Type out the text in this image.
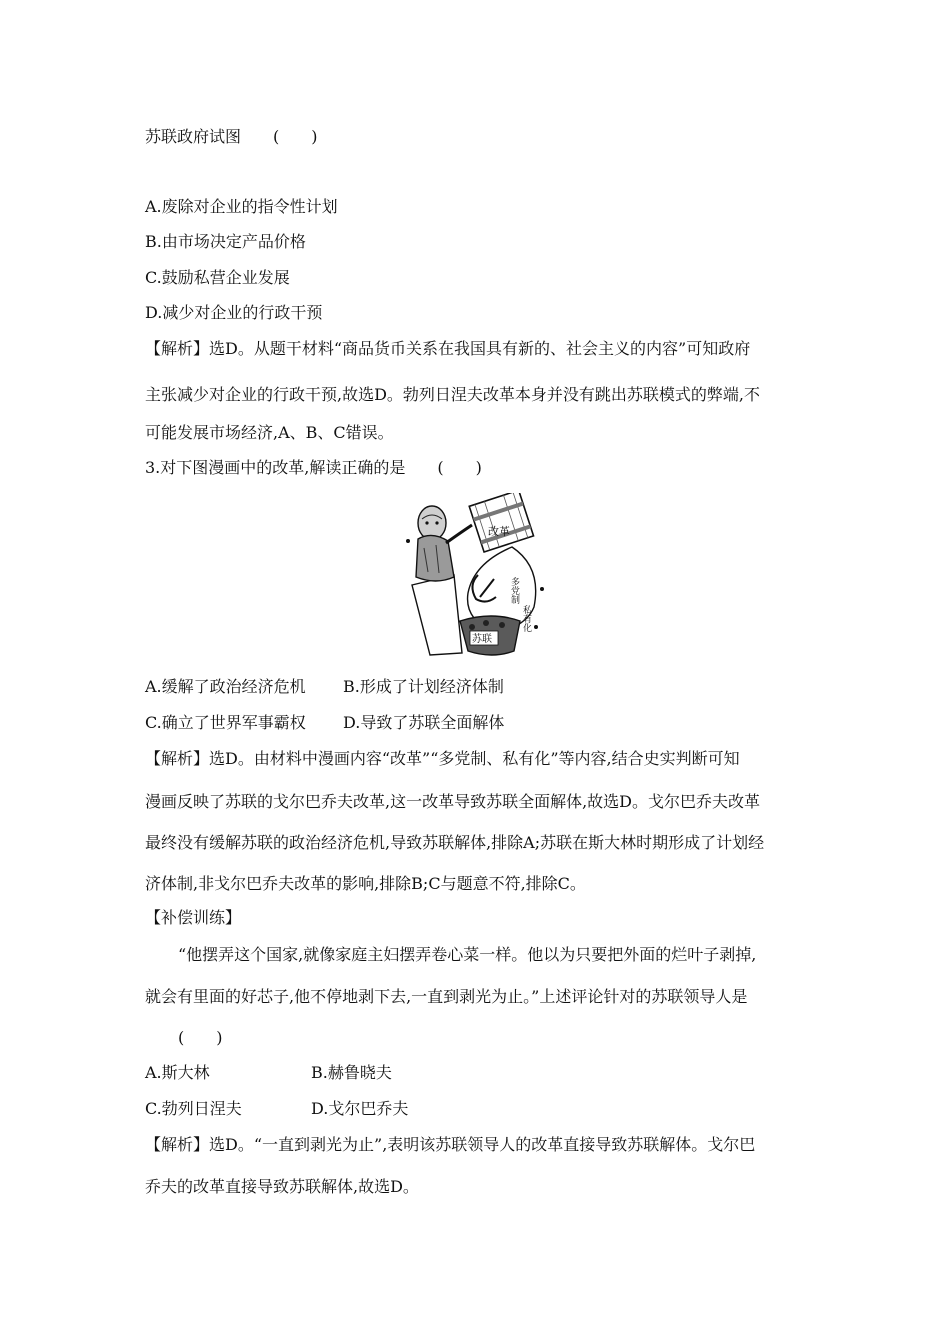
苏联政府试图　　(　　)
A.废除对企业的指令性计划
B.由市场决定产品价格
C.鼓励私营企业发展
D.减少对企业的行政干预
【解析】选D。从题干材料“商品货币关系在我国具有新的、社会主义的内容”可知政府
主张减少对企业的行政干预,故选D。勃列日涅夫改革本身并没有跳出苏联模式的弊端,不
可能发展市场经济,A、B、C错误。
3.对下图漫画中的改革,解读正确的是　　(　　)
改革
多党制
私有化
苏联
A.缓解了政治经济危机 B.形成了计划经济体制
C.确立了世界军事霸权 D.导致了苏联全面解体
【解析】选D。由材料中漫画内容“改革”“多党制、私有化”等内容,结合史实判断可知
漫画反映了苏联的戈尔巴乔夫改革,这一改革导致苏联全面解体,故选D。戈尔巴乔夫改革
最终没有缓解苏联的政治经济危机,导致苏联解体,排除A;苏联在斯大林时期形成了计划经
济体制,非戈尔巴乔夫改革的影响,排除B;C与题意不符,排除C。
【补偿训练】
“他摆弄这个国家,就像家庭主妇摆弄卷心菜一样。他以为只要把外面的烂叶子剥掉,
就会有里面的好芯子,他不停地剥下去,一直到剥光为止。”上述评论针对的苏联领导人是
(　　)
A.斯大林	B.赫鲁晓夫
C.勃列日涅夫	D.戈尔巴乔夫
【解析】选D。“一直到剥光为止”,表明该苏联领导人的改革直接导致苏联解体。戈尔巴
乔夫的改革直接导致苏联解体,故选D。
